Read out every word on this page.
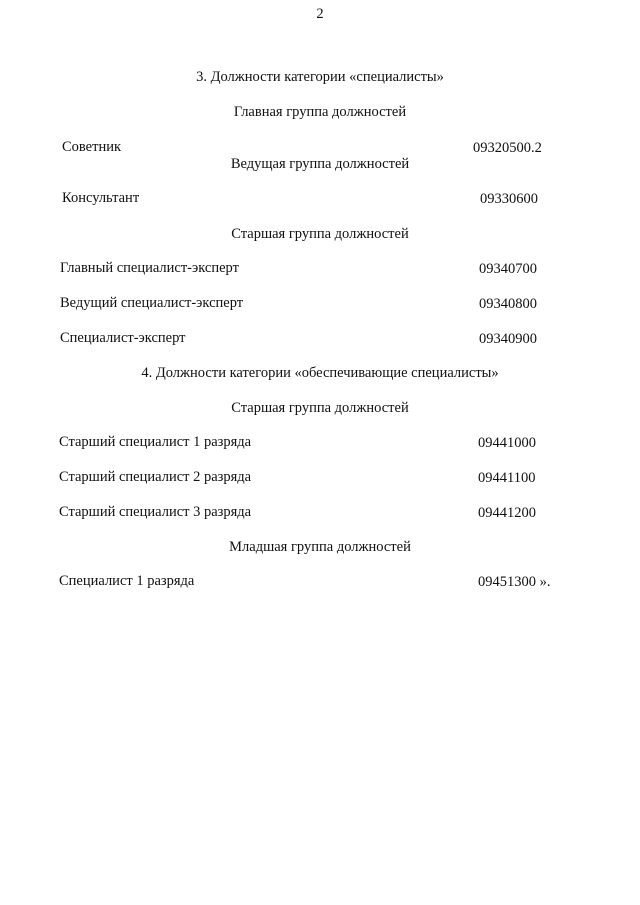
2
3. Должности категории «специалисты»
Главная группа должностей
Советник	09320500.2
Ведущая группа должностей
Консультант	09330600
Старшая группа должностей
Главный специалист-эксперт	09340700
Ведущий специалист-эксперт	09340800
Специалист-эксперт	09340900
4. Должности категории «обеспечивающие специалисты»
Старшая группа должностей
Старший специалист 1 разряда	09441000
Старший специалист 2 разряда	09441100
Старший специалист 3 разряда	09441200
Младшая группа должностей
Специалист 1 разряда	09451300 ».
